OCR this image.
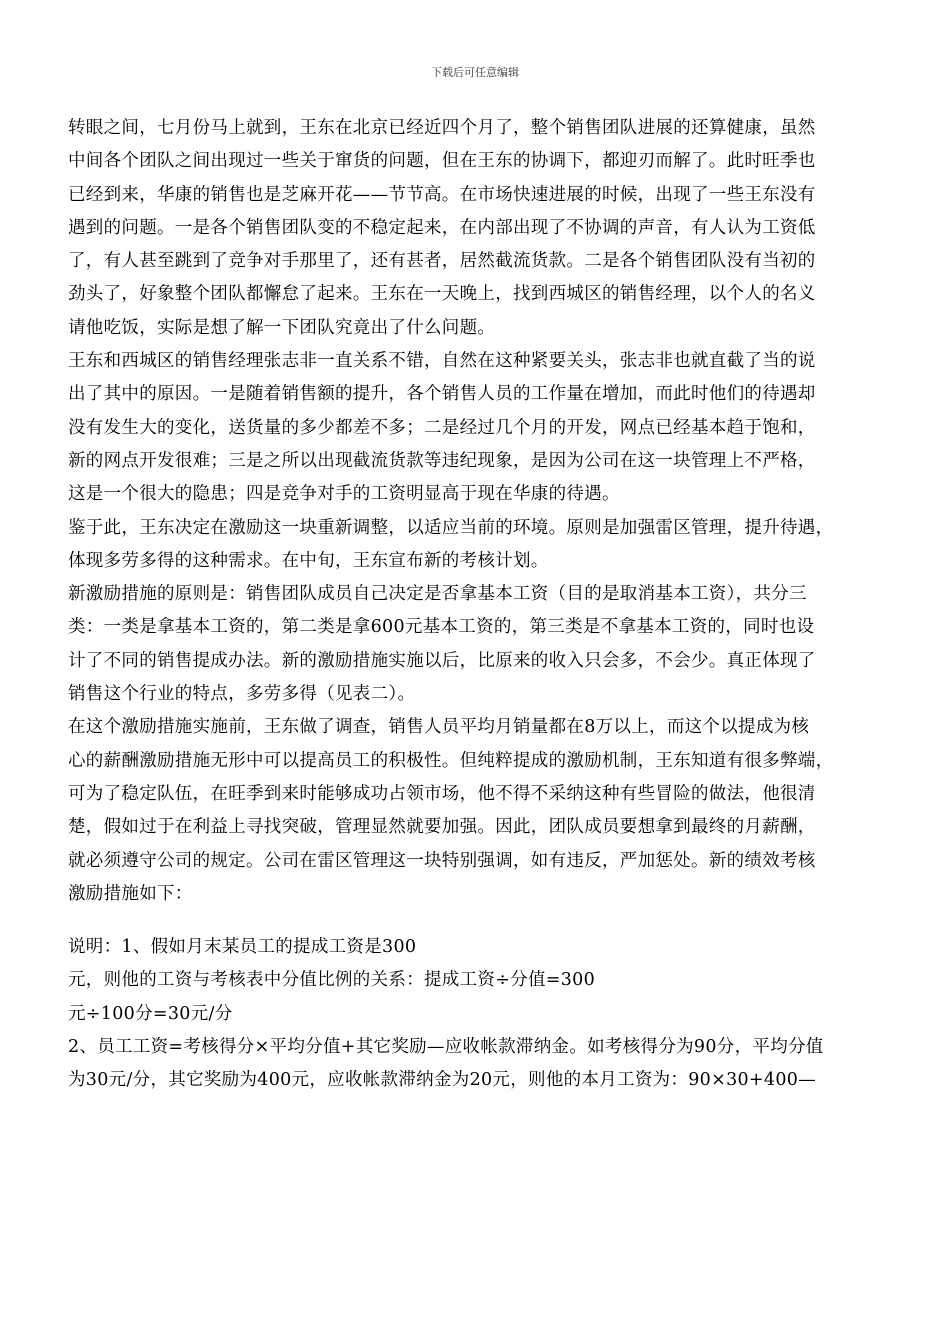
下载后可任意编辑

转眼之间，七月份马上就到，王东在北京已经近四个月了，整个销售团队进展的还算健康，虽然
中间各个团队之间出现过一些关于窜货的问题，但在王东的协调下，都迎刃而解了。此时旺季也
已经到来，华康的销售也是芝麻开花——节节高。在市场快速进展的时候，出现了一些王东没有
遇到的问题。一是各个销售团队变的不稳定起来，在内部出现了不协调的声音，有人认为工资低
了，有人甚至跳到了竞争对手那里了，还有甚者，居然截流货款。二是各个销售团队没有当初的
劲头了，好象整个团队都懈怠了起来。王东在一天晚上，找到西城区的销售经理，以个人的名义
请他吃饭，实际是想了解一下团队究竟出了什么问题。

王东和西城区的销售经理张志非一直关系不错，自然在这种紧要关头，张志非也就直截了当的说
出了其中的原因。一是随着销售额的提升，各个销售人员的工作量在增加，而此时他们的待遇却
没有发生大的变化，送货量的多少都差不多；二是经过几个月的开发，网点已经基本趋于饱和，
新的网点开发很难；三是之所以出现截流货款等违纪现象，是因为公司在这一块管理上不严格，
这是一个很大的隐患；四是竞争对手的工资明显高于现在华康的待遇。

鉴于此，王东决定在激励这一块重新调整，以适应当前的环境。原则是加强雷区管理，提升待遇，
体现多劳多得的这种需求。在中旬，王东宣布新的考核计划。

新激励措施的原则是：销售团队成员自己决定是否拿基本工资（目的是取消基本工资），共分三
类：一类是拿基本工资的，第二类是拿600元基本工资的，第三类是不拿基本工资的，同时也设
计了不同的销售提成办法。新的激励措施实施以后，比原来的收入只会多，不会少。真正体现了
销售这个行业的特点，多劳多得（见表二）。

在这个激励措施实施前，王东做了调查，销售人员平均月销量都在8万以上，而这个以提成为核
心的薪酬激励措施无形中可以提高员工的积极性。但纯粹提成的激励机制，王东知道有很多弊端，
可为了稳定队伍，在旺季到来时能够成功占领市场，他不得不采纳这种有些冒险的做法，他很清
楚，假如过于在利益上寻找突破，管理显然就要加强。因此，团队成员要想拿到最终的月薪酬，
就必须遵守公司的规定。公司在雷区管理这一块特别强调，如有违反，严加惩处。新的绩效考核
激励措施如下：

说明：1、假如月末某员工的提成工资是300
元，则他的工资与考核表中分值比例的关系：提成工资÷分值=300
元÷100分=30元/分

2、员工工资=考核得分×平均分值+其它奖励—应收帐款滞纳金。如考核得分为90分，平均分值
为30元/分，其它奖励为400元，应收帐款滞纳金为20元，则他的本月工资为：90×30+400—
